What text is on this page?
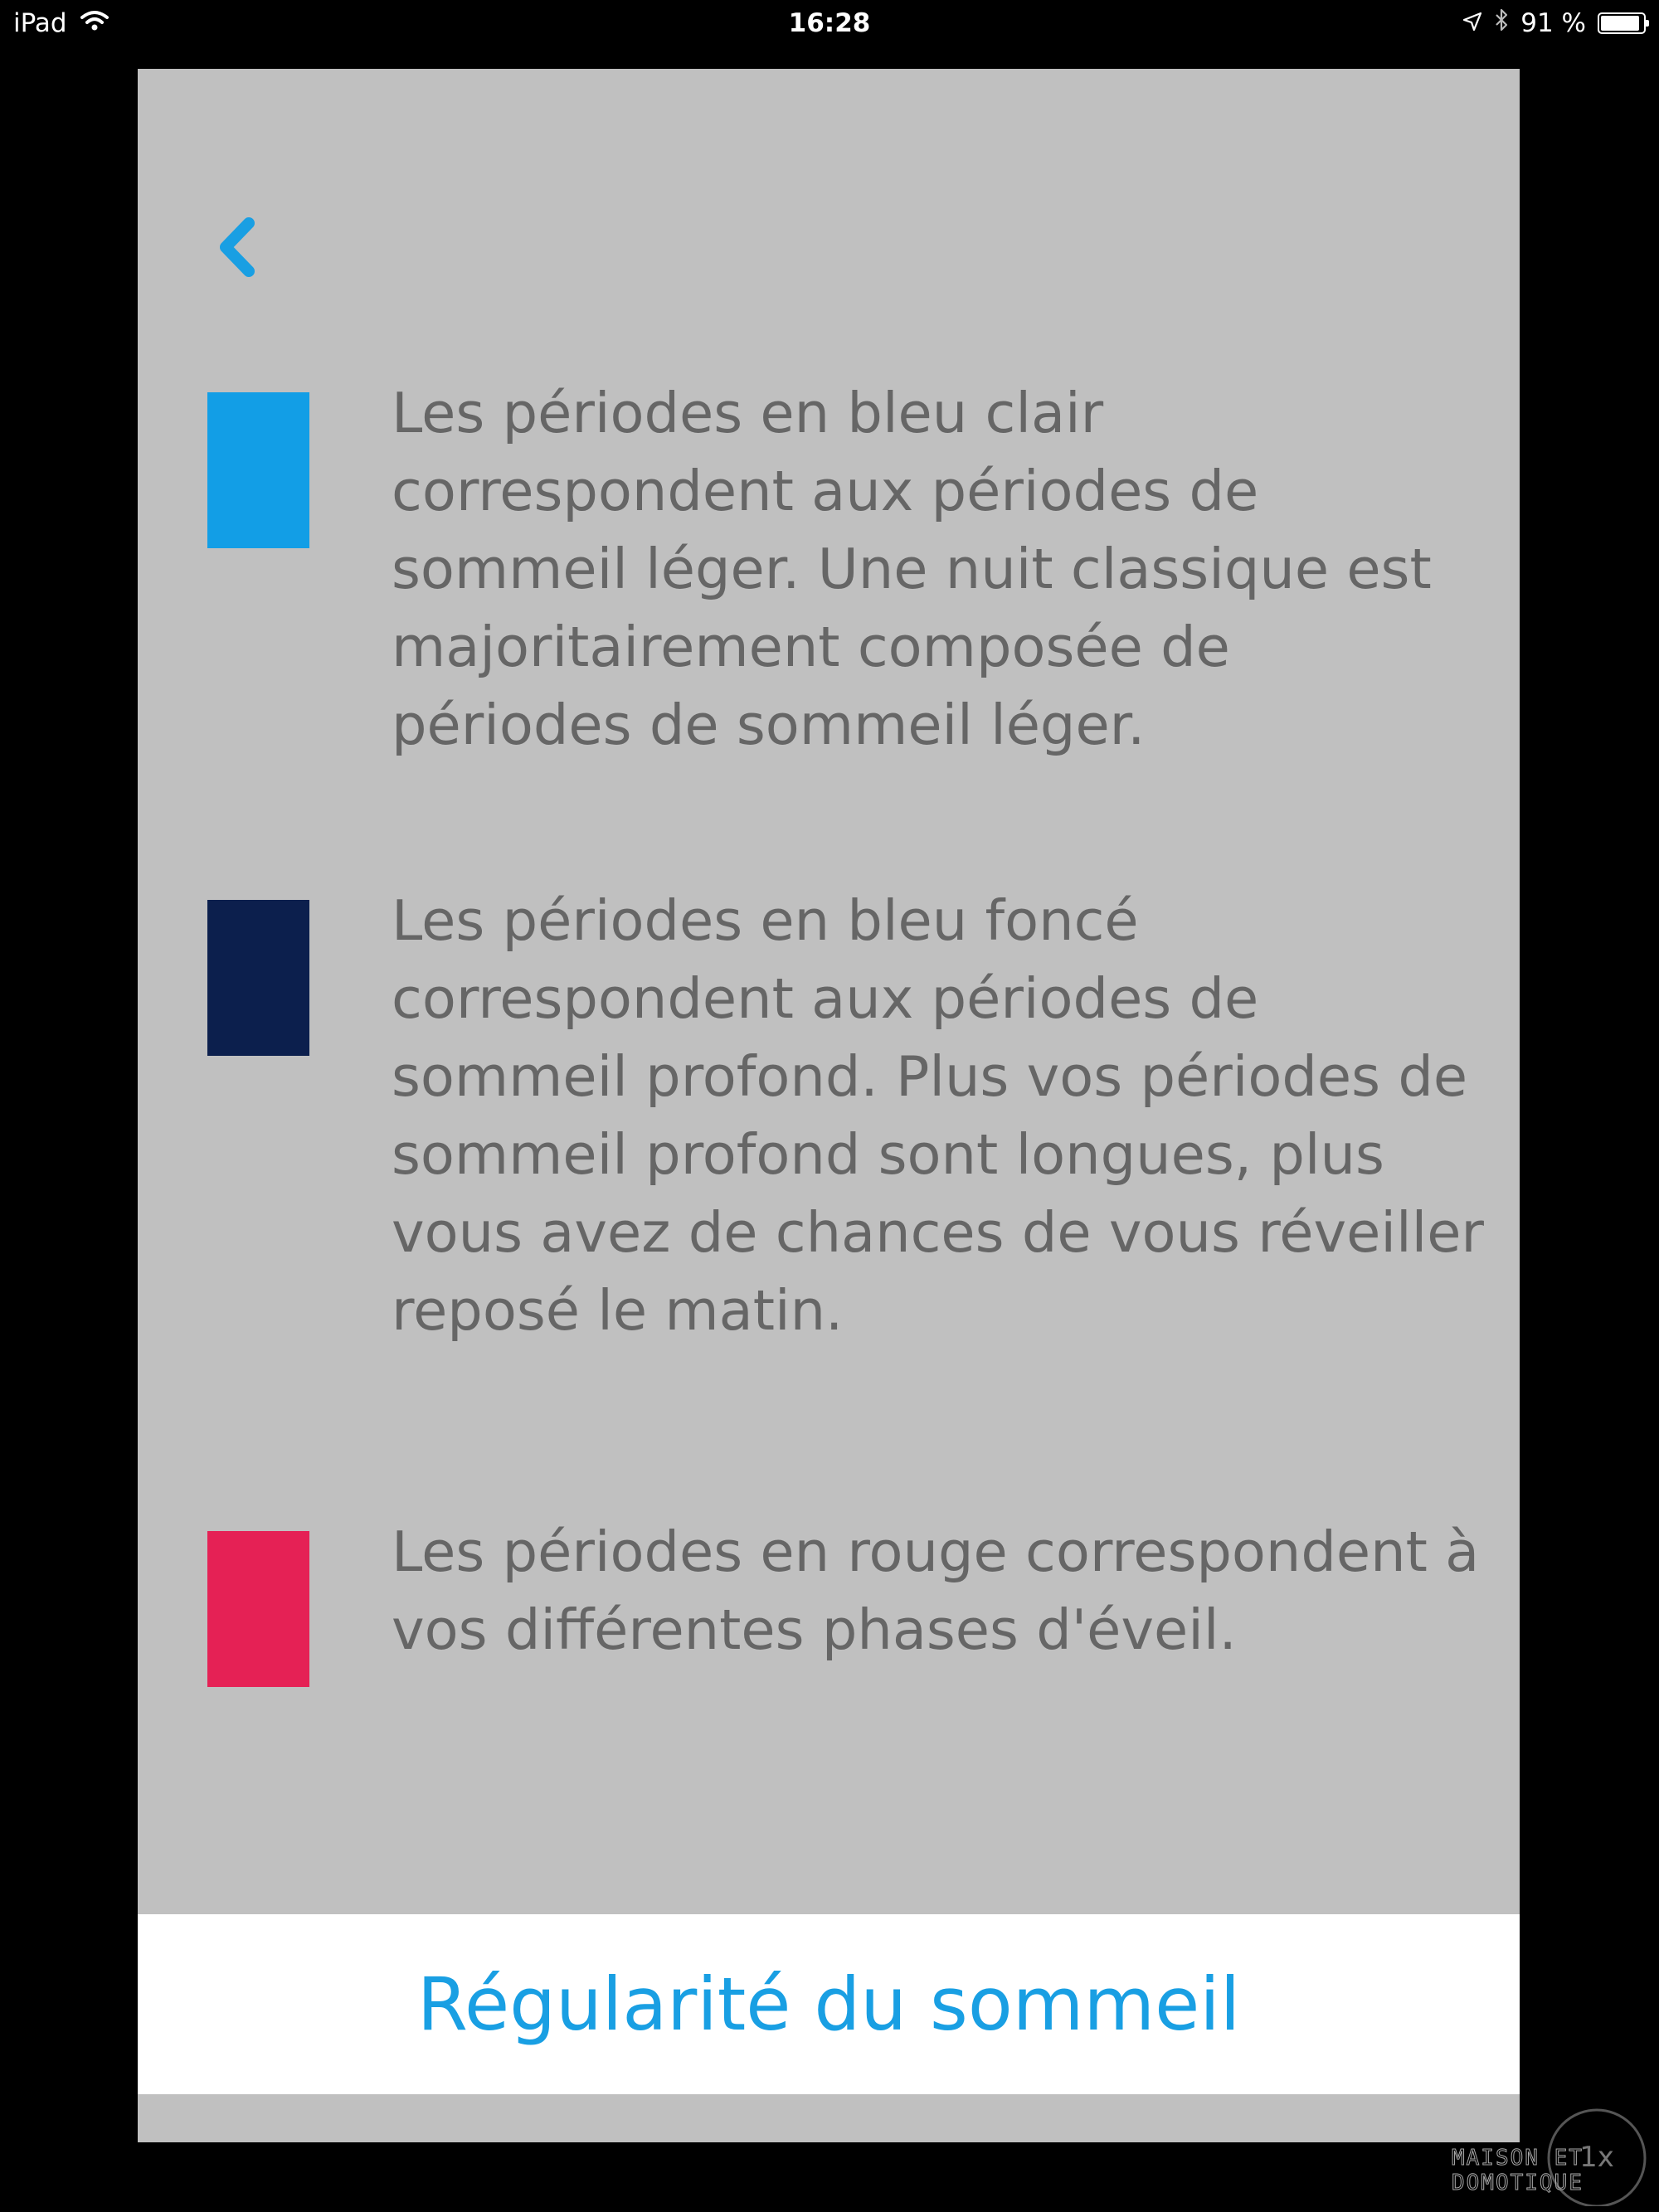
iPad	16:28	91 %

Les périodes en bleu clair correspondent aux périodes de sommeil léger. Une nuit classique est majoritairement composée de périodes de sommeil léger.

Les périodes en bleu foncé correspondent aux périodes de sommeil profond. Plus vos périodes de sommeil profond sont longues, plus vous avez de chances de vous réveiller reposé le matin.

Les périodes en rouge correspondent à vos différentes phases d'éveil.

Régularité du sommeil
1x
MAISON ET
DOMOTIQUE
